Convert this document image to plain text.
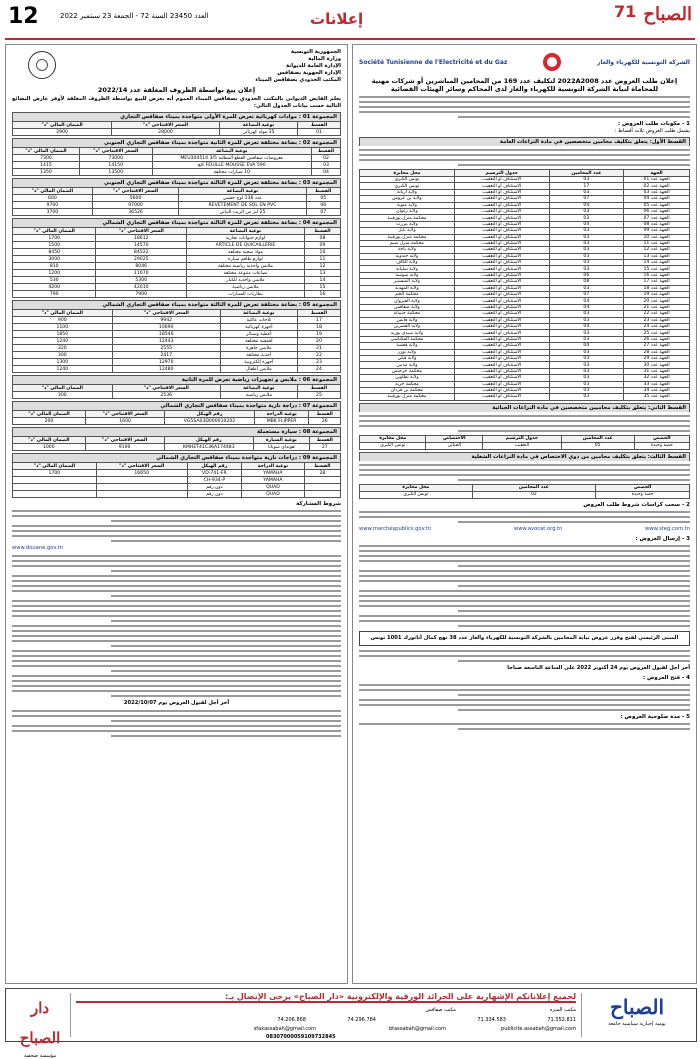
12	العدد 23450 السنة 72 - الجمعة 23 سبتمبر 2022	إعلانات	71 الصباح
الجمهورية التونسية
وزارة المالية
الإدارة العامة للديوانة
الإدارة الجهوية بصفاقس
المكتب الحدودي بصفاقس الميناء
إعلان بيع بواسطة الظروف المغلقة عدد 2022/14
يعلم القابض الديواني بالمكتب الحدودي بصفاقس الميناء العموم أنه يعرض للبيع بواسطة الظروف المغلقة لأوفر عارض البضائع التالية حسب بيانات الجدول التالي:
المجموعة 01 : موادات كهربائية تعرض للمرة الأولى متواجدة بميناء صفاقس التجاري
القسط	نوعية البضاعة	السعر الافتتاحي "د"	الضمان المالي "د"
01	35 مولد كهربائي	28000	2900
المجموعة 02 : بضاعة مختلفة تعرض للمرة الثانية متواجدة بميناء صفاقس التجاري الجنوبي
القسط	نوعية البضاعة	السعر الافتتاحي "د"	الضمان المالي "د"
02	معروضات صفاقس القطع المطلية 3/5 MEU304514	73000	7300
03	FEUILLE MOUSSE EVA 590 كلغ	14150	1415
04	10 سيارات مختلفة	13500	1350
المجموعة 03 : بضاعة مختلفة تعرض للمرة الثالثة متواجدة بميناء صفاقس التجاري الجنوبي
القسط	نوعية البضاعة	السعر الافتتاحي "د"	الضمان المالي "د"
05	عدد 136 لوح خشبي	5600	600
06	REVETEMENT DE SOL EN PVC	97000	9700
07	25 لتر من الزيت النباتي	36526	3700
المجموعة 04 : بضاعة مختلفة تعرض للمرة الثالثة متواجدة بميناء صفاقس التجاري الشمالي
القسط	نوعية البضاعة	السعر الافتتاحي "د"	الضمان المالي "د"
08	لوازم حيوانات تجارية	18612	1700
09	ARTICLE DE QUICAILLERIE	14570	1500
10	مواد صحية مختلفة	84522	8450
11	لوازم طاقم سيارة	29025	3000
12	ملابس وأحذية رياضية مختلفة	8046	810
13	بضاعات متنوعة مختلفة	11670	1200
14	ملابس وأحذية للكبار	5300	530
15	ملابس رياضية	42010	4200
16	بطاريات السيارات	7900	790
المجموعة 05 : بضاعة مختلفة تعرض للمرة الثالثة متواجدة بميناء صفاقس التجاري الشمالي
القسط	نوعية البضاعة	السعر الافتتاحي "د"	الضمان المالي "د"
17	ثلاجات عائلية	9942	900
18	أجهزة كهربائية	10690	1100
19	أغطية وستائر	18540	1850
20	أقمشة مختلفة	12443	1240
21	ملابس جاهزة	2555	320
22	أحذية مختلفة	2417	300
23	أجهزة إلكترونية	12970	1300
24	ملابس أطفال	12480	1240
المجموعة 06 : ملابس و تجهيزات رياضية تعرض للمرة الثانية
القسط	نوعية البضاعة	السعر الافتتاحي "د"	الضمان المالي "د"
25	ملابس رياضية	2536	300
المجموعة 07 : دراجة نارية متواجدة بميناء صفاقس التجاري الشمالي
القسط	نوعية الدراجة	رقم الهيكل	السعر الافتتاحي "د"	الضمان المالي "د"
26	MBK FLIPPER	VG5SA03D000010202	1600	200
المجموعة 08 : سيارة مستعملة
القسط	نوعية السيارة	رقم الهيكل	السعر الافتتاحي "د"	الضمان المالي "د"
27	هونداي سوناتا	KMHET41C36A174483	9100	1000
المجموعة 09 : دراجات نارية متواجدة بميناء صفاقس التجاري الشمالي
القسط	نوعية الدراجة	رقم الهيكل	السعر الافتتاحي "د"	الضمان المالي "د"
28	YAMAHA	VD-741-FR	16650	1700
	YAMAHA	CH-934-P		
	QUAD	دون رقم		
	QUAD	دون رقم		
شروط المشاركة
www.douane.gov.tn
آخر أجل لقبول العروض يوم 2022/10/07
Société Tunisienne de l'Electricité et du Gaz	الشركة التونسية للكهرباء والغاز
إعلان طلب العروض عدد 2022A2008 لتكليف عدد 169 من المحامين المباشرين أو شركات مهنية للمحاماة لنيابة الشركة التونسية للكهرباء والغاز لدى المحاكم وسائر الهيئات القضائية
1 - مكونات طلب العروض :
يشمل طلب العروض ثلاث أقساط :
القسط الأول: يتعلق بتكليف محامين متخصصين في مادة النزاعات العامة
الجهة	عدد المحامين	جدول الترسيم	محل مخابرة
الجهة عدد 01	03	الاستئناف أو التعقيب	تونس الكبرى
الجهة عدد 02	17	الاستئناف أو التعقيب	تونس الكبرى
الجهة عدد 03	03	الاستئناف أو التعقيب	ولاية أريانة
الجهة عدد 04	07	الاستئناف أو التعقيب	ولاية بن عروس
الجهة عدد 05	04	الاستئناف أو التعقيب	ولاية منوبة
الجهة عدد 06	03	الاستئناف أو التعقيب	ولاية زغوان
الجهة عدد 07	03	الاستئناف أو التعقيب	محكمة منزل بورقيبة
الجهة عدد 08	04	الاستئناف أو التعقيب	ولاية بنزرت
الجهة عدد 09	03	الاستئناف أو التعقيب	ولاية نابل
الجهة عدد 10	03	الاستئناف أو التعقيب	محكمة منزل بورقيبة
الجهة عدد 11	03	الاستئناف أو التعقيب	محكمة منزل تميم
الجهة عدد 12	03	الاستئناف أو التعقيب	ولاية باجة
الجهة عدد 13	03	الاستئناف أو التعقيب	ولاية جندوبة
الجهة عدد 14	03	الاستئناف أو التعقيب	ولاية الكاف
الجهة عدد 15	03	الاستئناف أو التعقيب	ولاية سليانة
الجهة عدد 16	06	الاستئناف أو التعقيب	ولاية سوسة
الجهة عدد 17	08	الاستئناف أو التعقيب	ولاية المنستير
الجهة عدد 18	03	الاستئناف أو التعقيب	ولاية المهدية
الجهة عدد 19	07	الاستئناف أو التعقيب	محكمة الجم
الجهة عدد 20	04	الاستئناف أو التعقيب	ولاية القيروان
الجهة عدد 21	04	الاستئناف أو التعقيب	ولاية صفاقس
الجهة عدد 22	03	الاستئناف أو التعقيب	محكمة جبنيانة
الجهة عدد 23	03	الاستئناف أو التعقيب	ولاية قابس
الجهة عدد 24	04	الاستئناف أو التعقيب	ولاية القصرين
الجهة عدد 25	03	الاستئناف أو التعقيب	ولاية سيدي بوزيد
الجهة عدد 26	03	الاستئناف أو التعقيب	محكمة المكناسي
الجهة عدد 27	04	الاستئناف أو التعقيب	ولاية قفصة
الجهة عدد 28	03	الاستئناف أو التعقيب	ولاية توزر
الجهة عدد 29	03	الاستئناف أو التعقيب	ولاية قبلي
الجهة عدد 30	03	الاستئناف أو التعقيب	ولاية مدنين
الجهة عدد 31	03	الاستئناف أو التعقيب	محكمة جرجيس
الجهة عدد 32	03	الاستئناف أو التعقيب	ولاية تطاوين
الجهة عدد 33	03	الاستئناف أو التعقيب	محكمة جربة
الجهة عدد 34	03	الاستئناف أو التعقيب	محكمة بن قردان
الجهة عدد 35	03	الاستئناف أو التعقيب	محكمة منزل بورقيبة
القسط الثاني: يتعلق بتكليف محاميين متخصصين في مادة النزاعات الجبائية
الحصص	عدد المحامين	جدول الترسيم	الاختصاص	محل مخابرة
حصة وحيدة	05	التعقيب	الجبائي	تونس الكبرى
القسط الثالث: يتعلق بتكليف محامين من ذوي الاختصاص في مادة النزاعات الشغلية
الحصص	عدد المحامين	محل مخابرة
حصة وحيدة	02	تونس الكبرى
2 - سحب كراسات شروط طلب العروض
www.marchespublics.gov.tn	www.avocat.org.tn	www.steg.com.tn
3 - إرسال العروض :
المبنى الرئيسي لفتح وقرز عروض نيابة المحامين بالشركة التونسية للكهرباء والغاز عدد 38 نهج كمال أتاتورك 1001 تونس
آخر أجل لقبول العروض يوم 24 أكتوبر 2022 على الساعة التاسعة صباحا
4 - فتح العروض :
5 - مدة صلوحية العروض :
الصباح
يومية إخبارية سياسية جامعة
لجميع إعلاناتكم الإشهارية على الجرائد الورقية والإلكترونية «دار الصباح» يرجى الإتصال بـ:
مكتب المنزه
مكتب صفاقس
71.352.811
71.334.583
74.296.784
74.206.868
publicite.assabah@gmail.com
btassabah@gmail.com
sfaxassabah@gmail.com
08307000059109732845
دار الصباح
مؤسسة صحفية
